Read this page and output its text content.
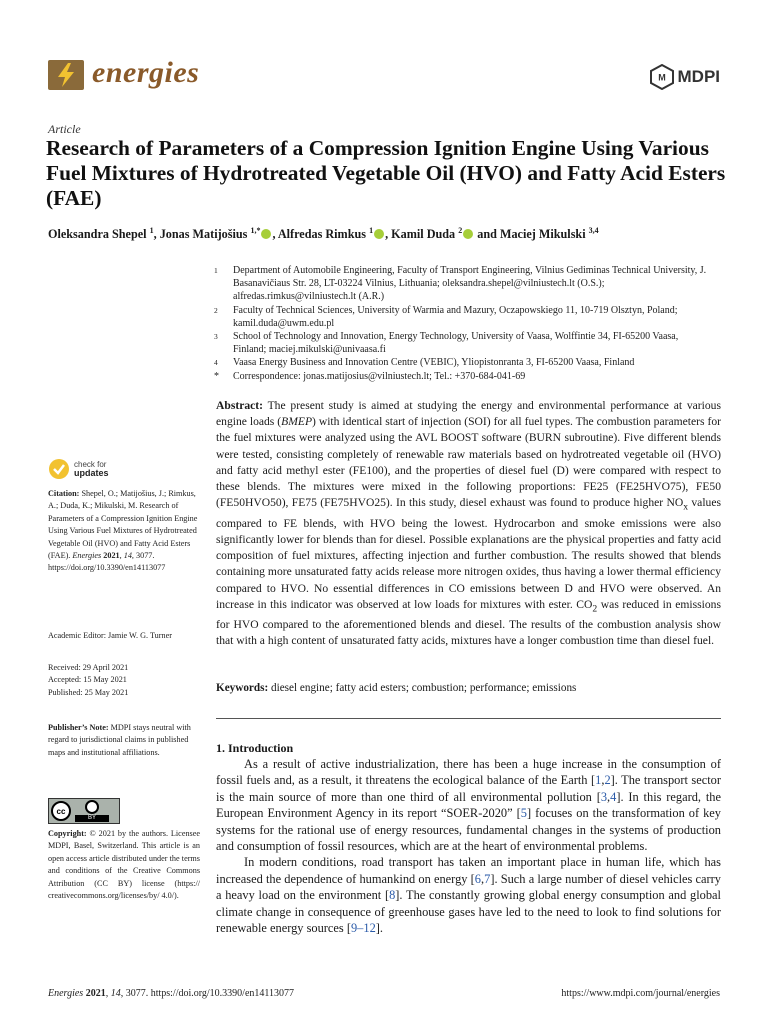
energies	M MDPI
Article
Research of Parameters of a Compression Ignition Engine Using Various Fuel Mixtures of Hydrotreated Vegetable Oil (HVO) and Fatty Acid Esters (FAE)
Oleksandra Shepel $^1$, Jonas Matijošius $^{1,*}$ , Alfredas Rimkus $^1$ , Kamil Duda $^2$ and Maciej Mikulski $^{3,4}$
1	Department of Automobile Engineering, Faculty of Transport Engineering, Vilnius Gediminas Technical University, J. Basanavičiaus Str. 28, LT-03224 Vilnius, Lithuania; oleksandra.shepel@vilniustech.lt (O.S.); alfredas.rimkus@vilniustech.lt (A.R.)
2	Faculty of Technical Sciences, University of Warmia and Mazury, Oczapowskiego 11, 10-719 Olsztyn, Poland; kamil.duda@uwm.edu.pl
3	School of Technology and Innovation, Energy Technology, University of Vaasa, Wolffintie 34, FI-65200 Vaasa, Finland; maciej.mikulski@univaasa.fi
4	Vaasa Energy Business and Innovation Centre (VEBIC), Yliopistonranta 3, FI-65200 Vaasa, Finland
*	Correspondence: jonas.matijosius@vilniustech.lt; Tel.: +370-684-041-69
check for
updates
Citation: Shepel, O.; Matijošius, J.; Rimkus, A.; Duda, K.; Mikulski, M. Research of Parameters of a Compression Ignition Engine Using Various Fuel Mixtures of Hydrotreated Vegetable Oil (HVO) and Fatty Acid Esters (FAE). Energies 2021, 14, 3077. https://doi.org/10.3390/en14113077
Academic Editor: Jamie W. G. Turner
Received: 29 April 2021
Accepted: 15 May 2021
Published: 25 May 2021
Publisher’s Note: MDPI stays neutral with regard to jurisdictional claims in published maps and institutional affiliations.
cc
BY
Copyright: © 2021 by the authors. Licensee MDPI, Basel, Switzerland. This article is an open access article distributed under the terms and conditions of the Creative Commons Attribution (CC BY) license (https:// creativecommons.org/licenses/by/ 4.0/).
Abstract: The present study is aimed at studying the energy and environmental performance at various engine loads (BMEP) with identical start of injection (SOI) for all fuel types. The combustion parameters for the fuel mixtures were analyzed using the AVL BOOST software (BURN subroutine). Five different blends were tested, consisting completely of renewable raw materials based on hydrotreated vegetable oil (HVO) and fatty acid methyl ester (FE100), and the properties of diesel fuel (D) were compared with respect to these blends. The mixtures were mixed in the following proportions: FE25 (FE25HVO75), FE50 (FE50HVO50), FE75 (FE75HVO25). In this study, diesel exhaust was found to produce higher $NO_x$ values compared to FE blends, with HVO being the lowest. Hydrocarbon and smoke emissions were also significantly lower for blends than for diesel. Possible explanations are the physical properties and fatty acid composition of fuel mixtures, affecting injection and further combustion. The results showed that blends containing more unsaturated fatty acids release more nitrogen oxides, thus having a lower thermal efficiency compared to HVO. No essential differences in CO emissions between D and HVO were observed. An increase in this indicator was observed at low loads for mixtures with ester. $CO_2$ was reduced in emissions for HVO compared to the aforementioned blends and diesel. The results of the combustion analysis show that with a high content of unsaturated fatty acids, mixtures have a longer combustion time than diesel fuel.
Keywords: diesel engine; fatty acid esters; combustion; performance; emissions
1. Introduction

As a result of active industrialization, there has been a huge increase in the consumption of fossil fuels and, as a result, it threatens the ecological balance of the Earth [1,2]. The transport sector is the main source of more than one third of all environmental pollution [3,4]. In this regard, the European Environment Agency in its report “SOER-2020” [5] focuses on the transformation of key systems for the rational use of energy resources, fundamental changes in the systems of production and consumption of fossil resources, which are at the heart of environmental problems.

In modern conditions, road transport has taken an important place in human life, which has increased the dependence of humankind on energy [6,7]. Such a large number of diesel vehicles carry a heavy load on the environment [8]. The constantly growing global energy consumption and global climate change in consequence of greenhouse gases have led to the need to look to find solutions for renewable energy sources [9–12].

Energies 2021, 14, 3077. https://doi.org/10.3390/en14113077	https://www.mdpi.com/journal/energies
